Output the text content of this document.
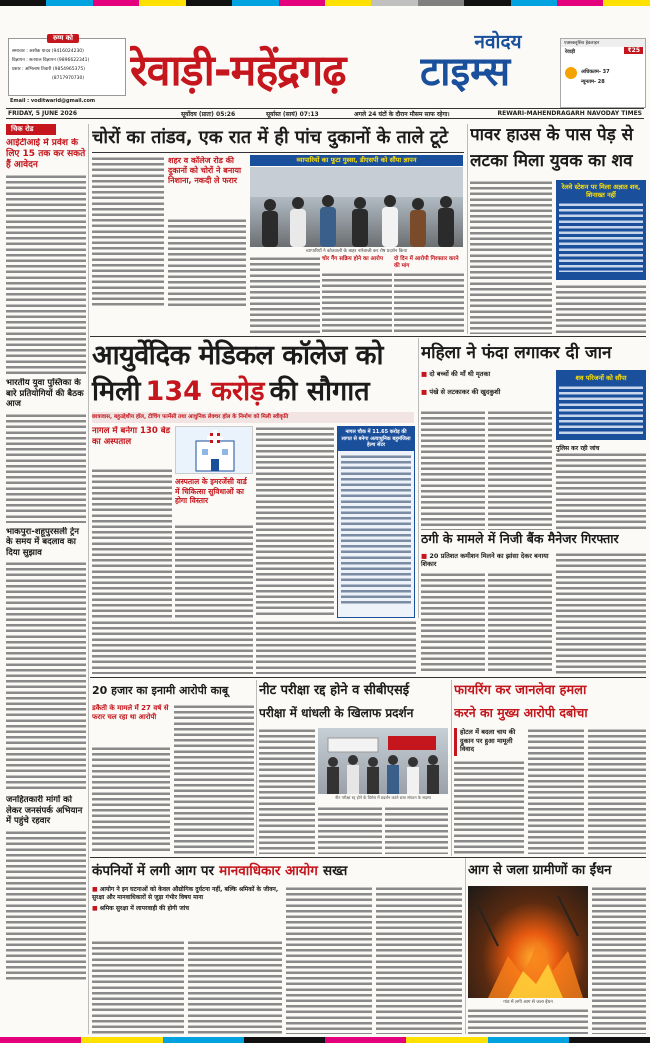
रुग्म को
समाचार : अशोक यादव (9416024230)
विज्ञापन : सतपाल विज्ञापन (9896622341)
प्रसार : अभिलाष तिवारी (9854965375)
(8717970730)
Email : voditwarid@gmail.com
रेवाड़ी-महेंद्रगढ़
नवोदय
टाइम्स
एक्सक्लूसिव हेडलाइन
रेवाड़ी	₹25
अधिकतम- 37
न्यूनतम- 28
FRIDAY, 5 JUNE 2026	सूर्योदय (प्रातः) 05:26	सूर्यास्त (सायं) 07:13	अगले 24 घंटों के दौरान मौसम साफ रहेगा।	REWARI-MAHENDRAGARH NAVODAY TIMES
चिक रोड
आईटीआई में प्रवेश के लिए 15 तक कर सकते हैं आवेदन
भारतीय युवा पुस्तिका के बारे प्रतियोगियों की बैठक आज
भाकपुरा-शहूपुरसली ट्रेन के समय में बदलाव का दिया सुझाव
जनहितकारी मांगों को लेकर जनसंपर्क अभियान में पहुंचे रहवार
चोरों का तांडव, एक रात में ही पांच दुकानों के ताले टूटे
शहर व कॉलेज रोड की दुकानों को चोरों ने बनाया निशाना, नकदी ले फरार
व्यापारियों का फूटा गुस्सा, डीएसपी को सौंपा ज्ञापन
व्यापारियों ने कोतवाली के बाहर नारेबाजी कर रोष प्रदर्शन किया
चोर गैंग सक्रिय होने का आरोप	दो दिन में आरोपी गिरफ्तार करने की मांग
पावर हाउस के पास पेड़ से लटका मिला युवक का शव
रेलवे स्टेशन पर मिला अज्ञात शव, शिनाख्त नहीं
आयुर्वेदिक मेडिकल कॉलेज को
मिली 134 करोड़ की सौगात
छात्रावास, बहुउद्देशीय हॉल, टीचिंग फार्मेसी तथा आधुनिक लेक्चर हॉल के निर्माण को मिली स्वीकृति
नागल में बनेगा 130 बेड का अस्पताल
अस्पताल के इमरजेंसी वार्ड में चिकित्सा सुविधाओं का होगा विस्तार
नागल चौक में 11.65 करोड़ की लागत से बनेगा अत्याधुनिक बहुमंजिला हेल्थ सेंटर
महिला ने फंदा लगाकर दी जान
■ दो बच्चों की माँ थी मृतका
■ पंखे से लटकाकर की खुदकुशी
शव परिजनों को सौंपा
पुलिस कर रही जांच
ठगी के मामले में निजी बैंक मैनेजर गिरफ्तार
■ 20 प्रतिशत कमीशन मिलने का झांसा देकर बनाया शिकार
20 हजार का इनामी आरोपी काबू
डकैती के मामले में 27 वर्ष से फरार चल रहा था आरोपी
नीट परीक्षा रद्द होने व सीबीएसई
परीक्षा में धांधली के खिलाफ प्रदर्शन
नीट परीक्षा रद्द होने के विरोध में प्रदर्शन करते छात्र संगठन के सदस्य
फायरिंग कर जानलेवा हमला
करने का मुख्य आरोपी दबोचा
होटल में बदला चाय की दुकान पर हुआ मामूली विवाद
कंपनियों में लगी आग पर मानवाधिकार आयोग सख्त
■ आयोग ने इन घटनाओं को केवल औद्योगिक दुर्घटना नहीं, बल्कि श्रमिकों के जीवन, सुरक्षा और मानवाधिकारों से जुड़ा गंभीर विषय माना
■ श्रमिक सुरक्षा में लापरवाही की होगी जांच
आग से जला ग्रामीणों का ईंधन
गांव में लगी आग से जला ईंधन
